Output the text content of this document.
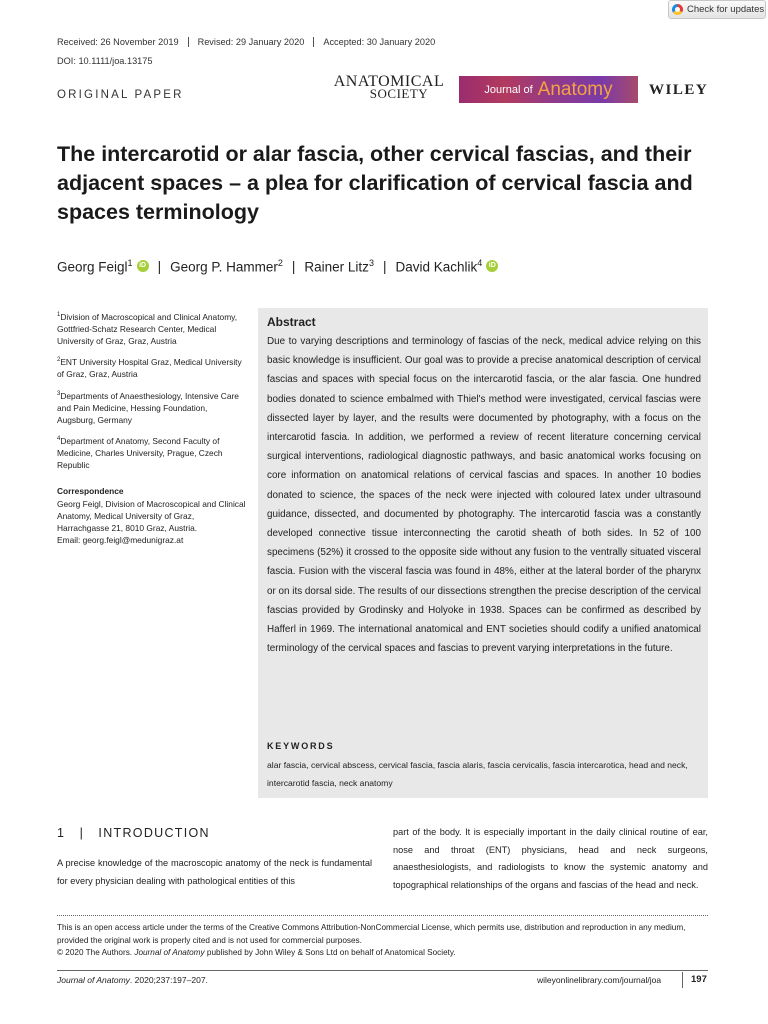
Check for updates
Received: 26 November 2019	Revised: 29 January 2020	Accepted: 30 January 2020
DOI: 10.1111/joa.13175
ORIGINAL PAPER
ANATOMICAL
SOCIETY	Journal of Anatomy WILEY
The intercarotid or alar fascia, other cervical fascias, and their adjacent spaces – a plea for clarification of cervical fascia and spaces terminology
Georg Feigl$^1$ iD | Georg P. Hammer$^2$ | Rainer Litz$^3$ | David Kachlik$^4$ iD

$^1$Division of Macroscopical and Clinical Anatomy, Gottfried-Schatz Research Center, Medical University of Graz, Graz, Austria

$^2$ENT University Hospital Graz, Medical University of Graz, Graz, Austria

$^3$Departments of Anaesthesiology, Intensive Care and Pain Medicine, Hessing Foundation, Augsburg, Germany

$^4$Department of Anatomy, Second Faculty of Medicine, Charles University, Prague, Czech Republic

Correspondence
Georg Feigl, Division of Macroscopical and Clinical Anatomy, Medical University of Graz, Harrachgasse 21, 8010 Graz, Austria.
Email: georg.feigl@medunigraz.at

Abstract
Due to varying descriptions and terminology of fascias of the neck, medical advice relying on this basic knowledge is insufficient. Our goal was to provide a precise anatomical description of cervical fascias and spaces with special focus on the intercarotid fascia, or the alar fascia. One hundred bodies donated to science embalmed with Thiel's method were investigated, cervical fascias were dissected layer by layer, and the results were documented by photography, with a focus on the intercarotid fascia. In addition, we performed a review of recent literature concerning cervical surgical interventions, radiological diagnostic pathways, and basic anatomical works focusing on core information on anatomical relations of cervical fascias and spaces. In another 10 bodies donated to science, the spaces of the neck were injected with coloured latex under ultrasound guidance, dissected, and documented by photography. The intercarotid fascia was a constantly developed connective tissue interconnecting the carotid sheath of both sides. In 52 of 100 specimens (52%) it crossed to the opposite side without any fusion to the ventrally situated visceral fascia. Fusion with the visceral fascia was found in 48%, either at the lateral border of the pharynx or on its dorsal side. The results of our dissections strengthen the precise description of the cervical fascias provided by Grodinsky and Holyoke in 1938. Spaces can be confirmed as described by Hafferl in 1969. The international anatomical and ENT societies should codify a unified anatomical terminology of the cervical spaces and fascias to prevent varying interpretations in the future.
KEYWORDS
alar fascia, cervical abscess, cervical fascia, fascia alaris, fascia cervicalis, fascia intercarotica, head and neck, intercarotid fascia, neck anatomy
1   |   INTRODUCTION
A precise knowledge of the macroscopic anatomy of the neck is fundamental for every physician dealing with pathological entities of this
part of the body. It is especially important in the daily clinical routine of ear, nose and throat (ENT) physicians, head and neck surgeons, anaesthesiologists, and radiologists to know the systemic anatomy and topographical relationships of the organs and fascias of the head and neck.

This is an open access article under the terms of the Creative Commons Attribution-NonCommercial License, which permits use, distribution and reproduction in any medium, provided the original work is properly cited and is not used for commercial purposes.

© 2020 The Authors. Journal of Anatomy published by John Wiley & Sons Ltd on behalf of Anatomical Society.

Journal of Anatomy. 2020;237:197–207.	wileyonlinelibrary.com/journal/joa	197
